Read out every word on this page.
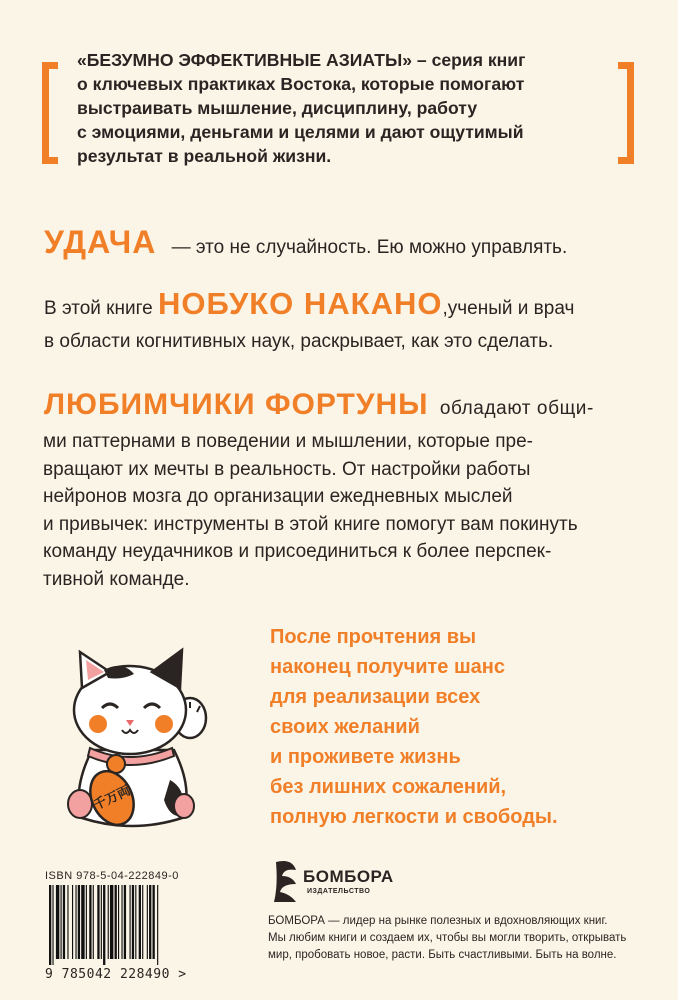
«БЕЗУМНО ЭФФЕКТИВНЫЕ АЗИАТЫ» – серия книг
о ключевых практиках Востока, которые помогают
выстраивать мышление, дисциплину, работу
с эмоциями, деньгами и целями и дают ощутимый
результат в реальной жизни.
УДАЧА — это не случайность. Ею можно управлять.
В этой книге НОБУКО НАКАНО,ученый и врач
в области когнитивных наук, раскрывает, как это сделать.
ЛЮБИМЧИКИ ФОРТУНЫ обладают общи-
ми паттернами в поведении и мышлении, которые пре-
вращают их мечты в реальность. От настройки работы
нейронов мозга до организации ежедневных мыслей
и привычек: инструменты в этой книге помогут вам покинуть
команду неудачников и присоединиться к более перспек-
тивной команде.
После прочтения вы
наконец получите шанс
для реализации всех
своих желаний
и проживете жизнь
без лишних сожалений,
полную легкости и свободы.
千万両
ISBN 978-5-04-222849-0
9 785042 228490 >
БОМБОРА
ИЗДАТЕЛЬСТВО
БОМБОРА — лидер на рынке полезных и вдохновляющих книг.
Мы любим книги и создаем их, чтобы вы могли творить, открывать
мир, пробовать новое, расти. Быть счастливыми. Быть на волне.
